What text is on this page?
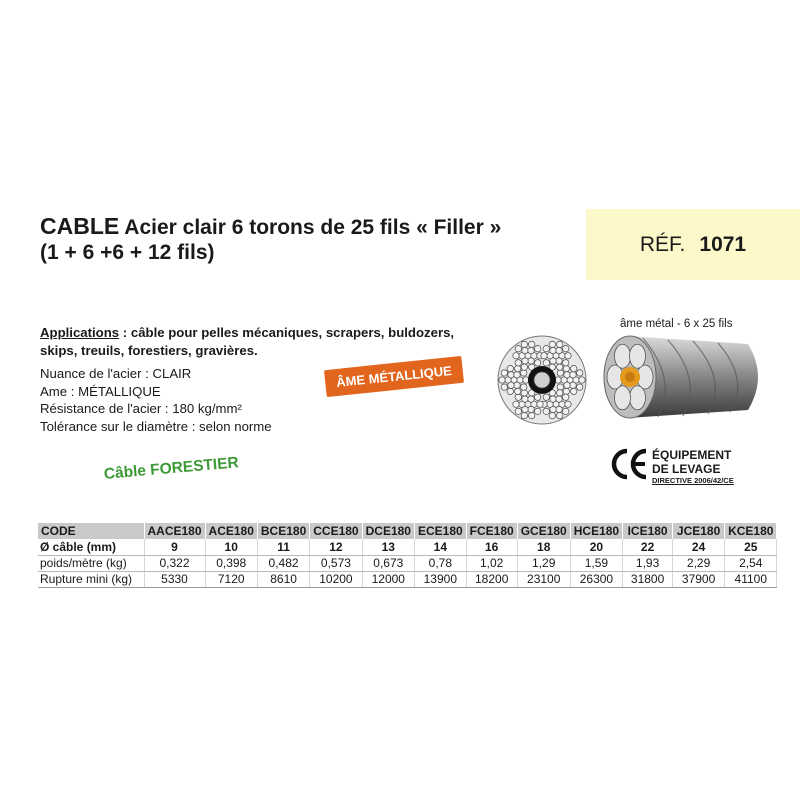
CABLE Acier clair 6 torons de 25 fils « Filler »
(1 + 6 +6 + 12 fils)	RÉF. 1071
Applications : câble pour pelles mécaniques, scrapers, buldozers, skips, treuils, forestiers, gravières.
Nuance de l'acier : CLAIR
Ame : MÉTALLIQUE
Résistance de l'acier : 180 kg/mm²
Tolérance sur le diamètre : selon norme
ÂME MÉTALLIQUE
Câble FORESTIER
âme métal - 6 x 25 fils
ÉQUIPEMENT
DE LEVAGE
DIRECTIVE 2006/42/CE
CODE	AACE180	ACE180	BCE180	CCE180	DCE180	ECE180	FCE180	GCE180	HCE180	ICE180	JCE180	KCE180
Ø câble (mm)	9	10	11	12	13	14	16	18	20	22	24	25
poids/mètre (kg)	0,322	0,398	0,482	0,573	0,673	0,78	1,02	1,29	1,59	1,93	2,29	2,54
Rupture mini (kg)	5330	7120	8610	10200	12000	13900	18200	23100	26300	31800	37900	41100
